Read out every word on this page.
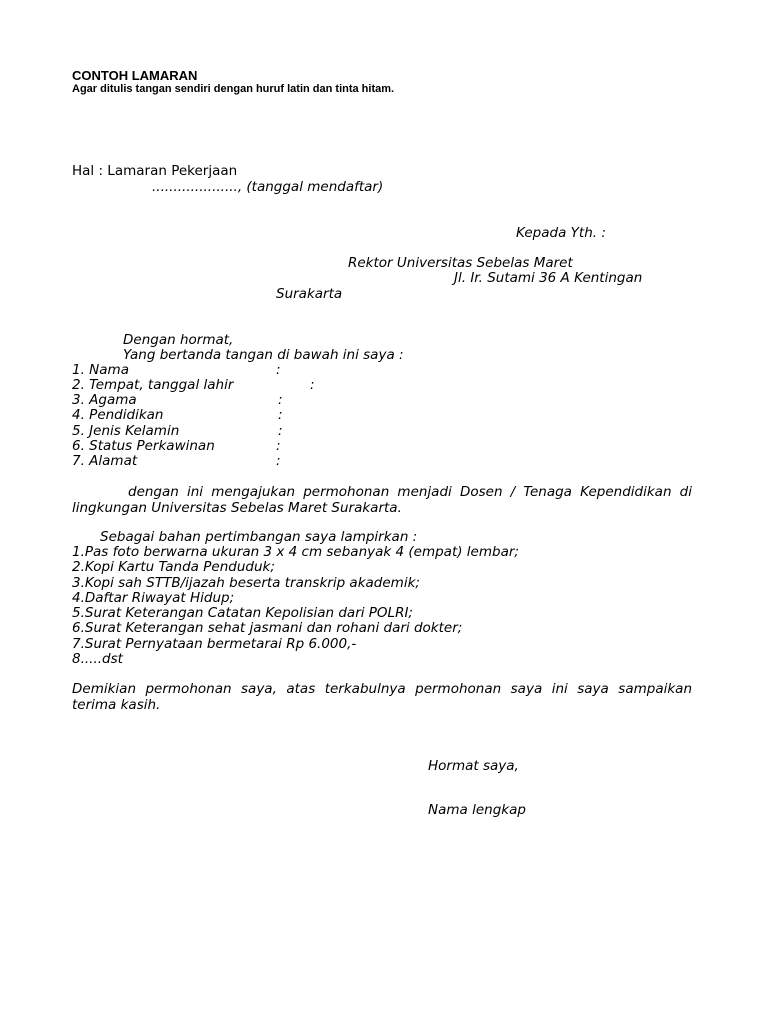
CONTOH LAMARAN
Agar ditulis tangan sendiri dengan huruf latin dan tinta hitam.
Hal : Lamaran Pekerjaan
...................., (tanggal mendaftar)
Kepada Yth. :
Rektor Universitas Sebelas Maret
Jl. Ir. Sutami 36 A Kentingan
Surakarta
Dengan hormat,
Yang bertanda tangan di bawah ini saya :
1. Nama	:
2. Tempat, tanggal lahir	:
3. Agama	:
4. Pendidikan	:
5. Jenis Kelamin	:
6. Status Perkawinan	:
7. Alamat	:

dengan ini mengajukan permohonan menjadi Dosen / Tenaga Kependidikan di lingkungan Universitas Sebelas Maret Surakarta.

Sebagai bahan pertimbangan saya lampirkan :
1.Pas foto berwarna ukuran 3 x 4 cm sebanyak 4 (empat) lembar;
2.Kopi Kartu Tanda Penduduk;
3.Kopi sah STTB/ijazah beserta transkrip akademik;
4.Daftar Riwayat Hidup;
5.Surat Keterangan Catatan Kepolisian dari POLRI;
6.Surat Keterangan sehat jasmani dan rohani dari dokter;
7.Surat Pernyataan bermetarai Rp 6.000,-
8.....dst

Demikian permohonan saya, atas terkabulnya permohonan saya ini saya sampaikan terima kasih.

Hormat saya,
Nama lengkap
